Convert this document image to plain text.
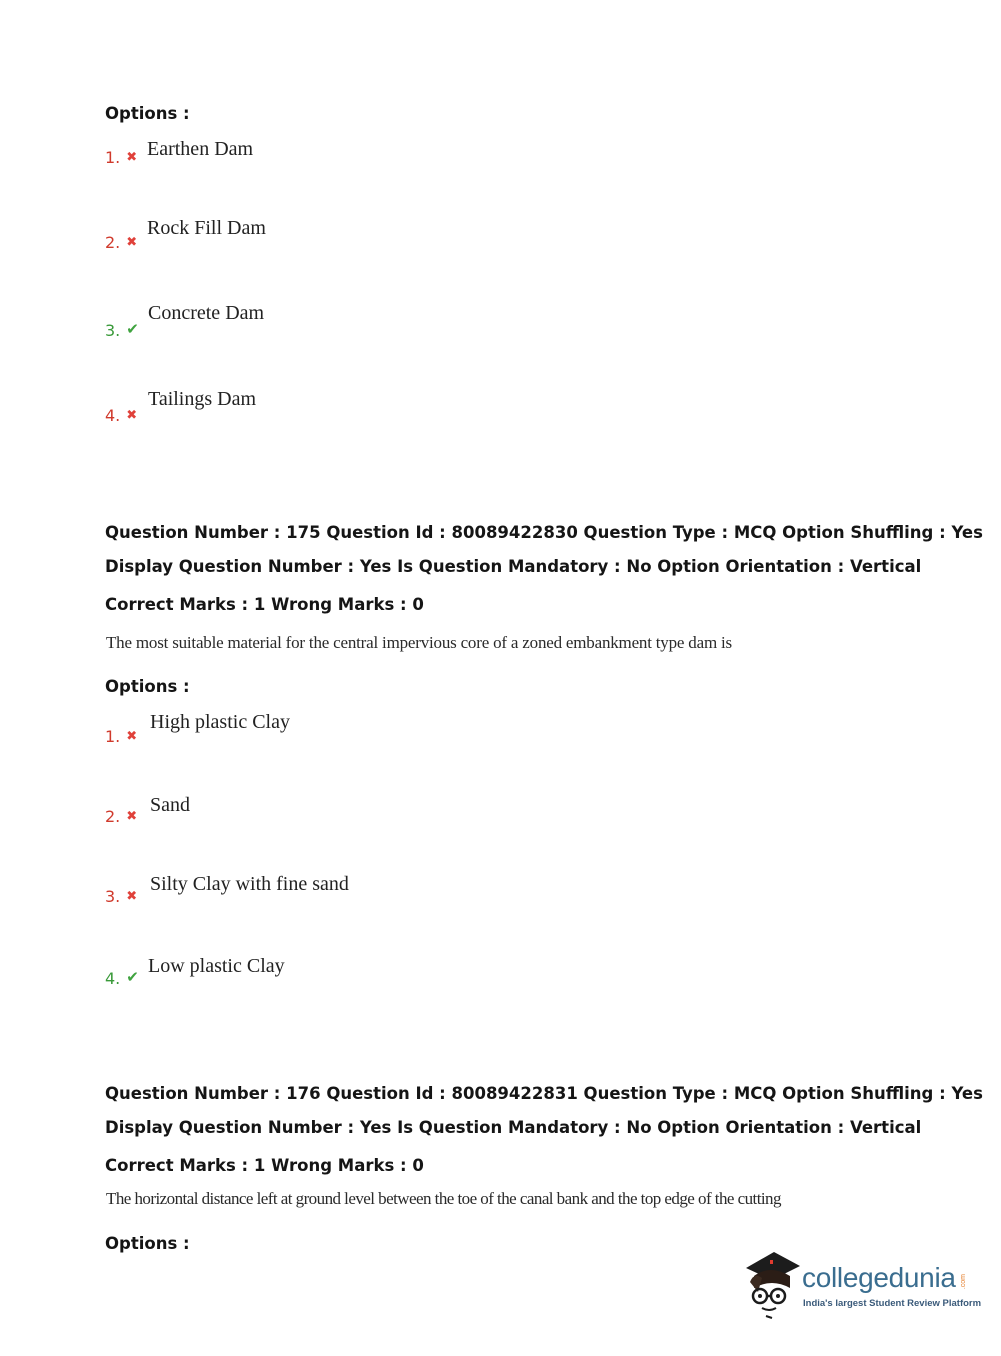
Options :
1. ✖ Earthen Dam
2. ✖
Rock Fill Dam
3. ✔
Concrete Dam
4. ✖
Tailings Dam
Question Number : 175 Question Id : 80089422830 Question Type : MCQ Option Shuffling : Yes
Display Question Number : Yes Is Question Mandatory : No Option Orientation : Vertical
Correct Marks : 1 Wrong Marks : 0
The most suitable material for the central impervious core of a zoned embankment type dam is
Options :
1. ✖
High plastic Clay
2. ✖
Sand
3. ✖
Silty Clay with fine sand
4. ✔ Low plastic Clay
Question Number : 176 Question Id : 80089422831 Question Type : MCQ Option Shuffling : Yes
Display Question Number : Yes Is Question Mandatory : No Option Orientation : Vertical
Correct Marks : 1 Wrong Marks : 0
The horizontal distance left at ground level between the toe of the canal bank and the top edge of the cutting
Options :
collegedunia .com
India's largest Student Review Platform
